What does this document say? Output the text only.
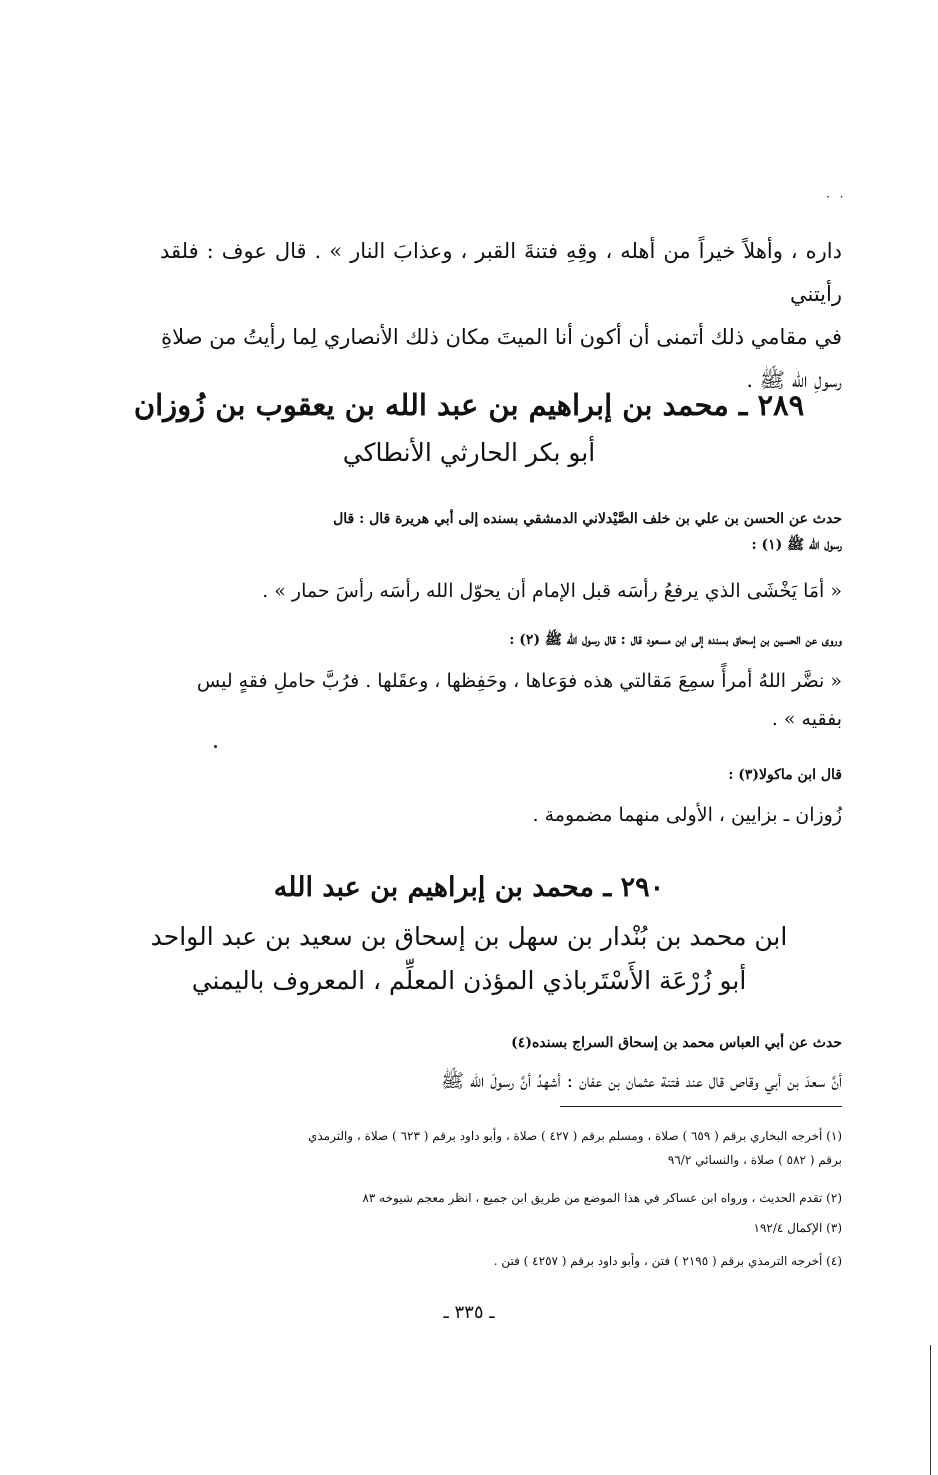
· ·
داره ، وأهلاً خيراً من أهله ، وقِهِ فتنةَ القبر ، وعذابَ النار » . قال عوف : فلقد رأيتني
في مقامي ذلك أتمنى أن أكون أنا الميتَ مكان ذلك الأنصاري لِما رأيتُ من صلاةِ
رسولِ الله ﷺ .
٢٨٩ ـ محمد بن إبراهيم بن عبد الله بن يعقوب بن زُوزان
أبو بكر الحارثي الأنطاكي
حدث عن الحسن بن علي بن خلف الصَّيْدلاني الدمشقي بسنده إلى أبي هريرة قال : قال
رسول الله ﷺ (١) :
« أمَا يَخْشَى الذي يرفعُ رأسَه قبل الإمام أن يحوّل الله رأسَه رأسَ حمار » .
وروى عن الحسين بن إسحاق بسنده إلى ابن مسعود قال : قال رسول الله ﷺ (٢) :
« نضَّر اللهُ أمرأً سمِعَ مَقالتي هذه فوَعاها ، وحَفِظها ، وعقَلها . فرُبَّ حاملِ فقهٍ ليس
بفقيه » .
قال ابن ماكولا(٣) :
زُوزان ـ بزايين ، الأولى منهما مضمومة .
٢٩٠ ـ محمد بن إبراهيم بن عبد الله
ابن محمد بن بُنْدار بن سهل بن إسحاق بن سعيد بن عبد الواحد
أبو زُرْعَة الأَسْتَرباذي المؤذن المعلِّم ، المعروف باليمني
حدث عن أبي العباس محمد بن إسحاق السراج بسنده(٤)
أنَّ سعدَ بن أبي وقاص قال عند فتنة عثمان بن عفان : أشهدُ أنَّ رسولَ الله ﷺ
(١) أخرجه البخاري برقم ( ٦٥٩ ) صلاة ، ومسلم برقم ( ٤٢٧ ) صلاة ، وأبو داود برقم ( ٦٢٣ ) صلاة ، والترمذي
برقم ( ٥٨٢ ) صلاة ، والنسائي ٩٦/٢
(٢) تقدم الحديث ، ورواه ابن عساكر في هذا الموضع من طريق ابن جميع ، انظر معجم شيوخه ٨٣
(٣) الإكمال ١٩٢/٤
(٤) أخرجه الترمذي برقم ( ٢١٩٥ ) فتن ، وأبو داود برقم ( ٤٢٥٧ ) فتن .
ـ ٣٣٥ ـ
